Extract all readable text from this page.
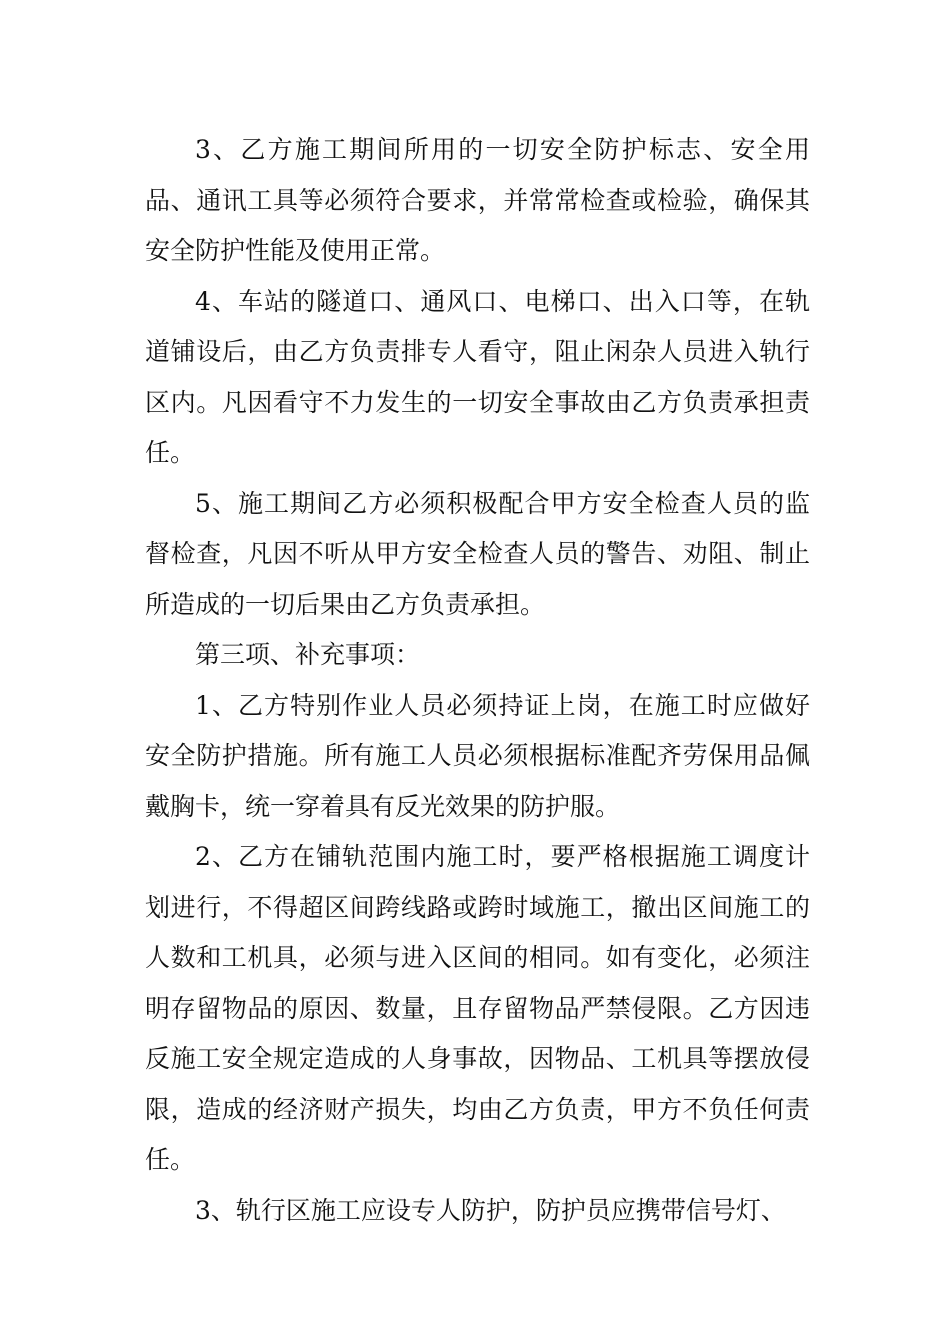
3、乙方施工期间所用的一切安全防护标志、安全用品、通讯工具等必须符合要求，并常常检查或检验，确保其安全防护性能及使用正常。

4、车站的隧道口、通风口、电梯口、出入口等，在轨道铺设后，由乙方负责排专人看守，阻止闲杂人员进入轨行区内。凡因看守不力发生的一切安全事故由乙方负责承担责任。

5、施工期间乙方必须积极配合甲方安全检查人员的监督检查，凡因不听从甲方安全检查人员的警告、劝阻、制止所造成的一切后果由乙方负责承担。

第三项、补充事项：

1、乙方特别作业人员必须持证上岗，在施工时应做好安全防护措施。所有施工人员必须根据标准配齐劳保用品佩戴胸卡，统一穿着具有反光效果的防护服。

2、乙方在铺轨范围内施工时，要严格根据施工调度计划进行，不得超区间跨线路或跨时域施工，撤出区间施工的人数和工机具，必须与进入区间的相同。如有变化，必须注明存留物品的原因、数量，且存留物品严禁侵限。乙方因违反施工安全规定造成的人身事故，因物品、工机具等摆放侵限，造成的经济财产损失，均由乙方负责，甲方不负任何责任。

3、轨行区施工应设专人防护，防护员应携带信号灯、
